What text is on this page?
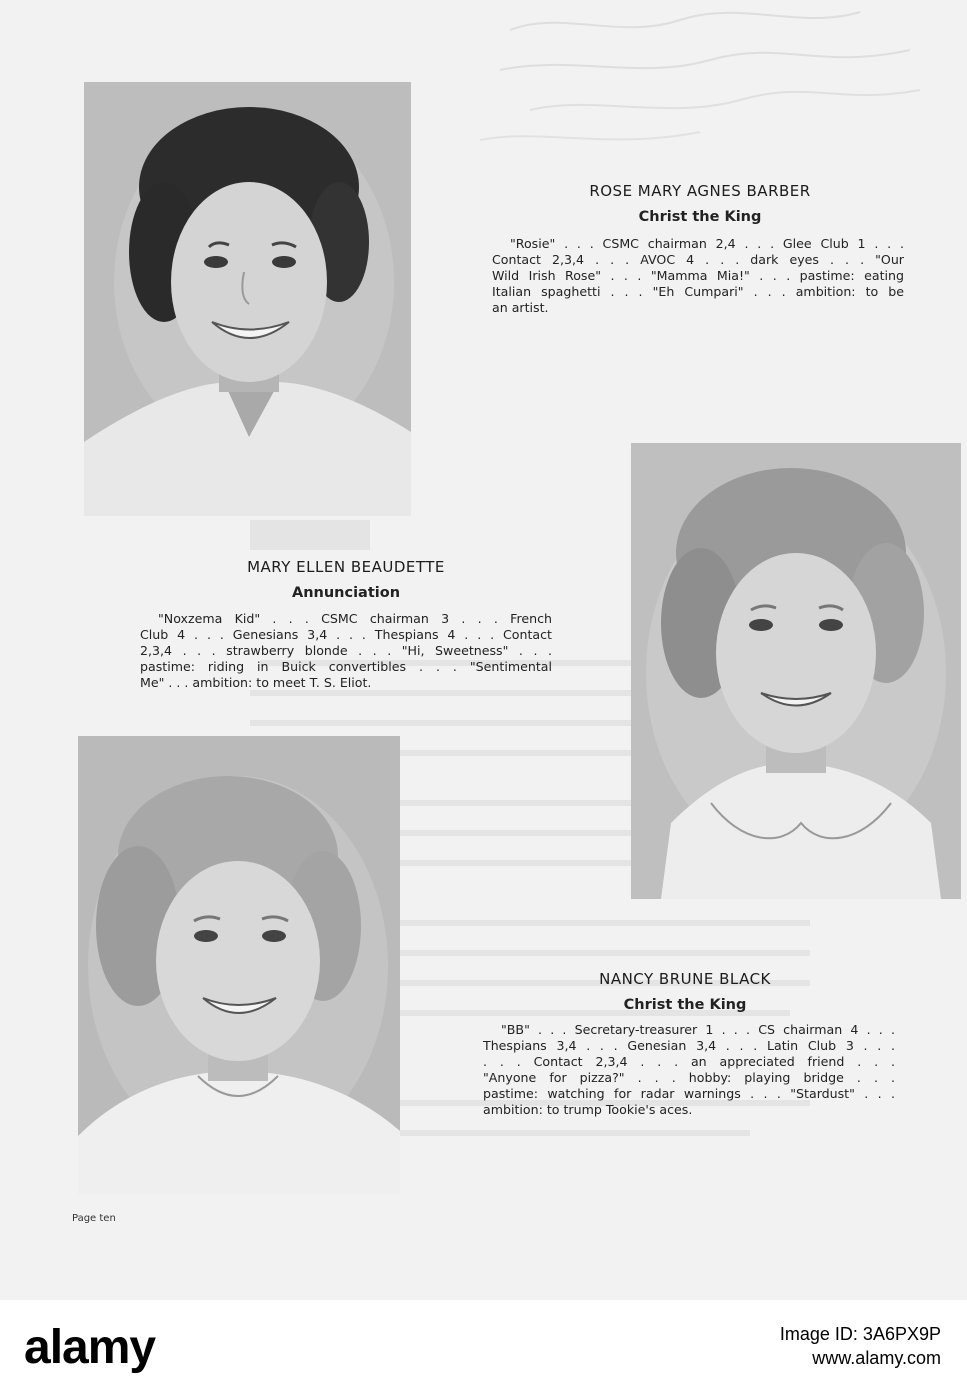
​
ROSE MARY AGNES BARBER
Christ the King
"Rosie" . . . CSMC chairman 2,4 . . . Glee Club 1 . . .
Contact 2,3,4 . . . AVOC 4 . . . dark eyes . . . "Our
Wild Irish Rose" . . . "Mamma Mia!" . . . pastime: eating
Italian spaghetti . . . "Eh Cumpari" . . . ambition: to be
an artist.
MARY ELLEN BEAUDETTE
Annunciation
"Noxzema Kid" . . . CSMC chairman 3 . . . French
Club 4 . . . Genesians 3,4 . . . Thespians 4 . . . Contact
2,3,4 . . . strawberry blonde . . . "Hi, Sweetness" . . .
pastime: riding in Buick convertibles . . . "Sentimental
Me" . . . ambition: to meet T. S. Eliot.
NANCY BRUNE BLACK
Christ the King
"BB" . . . Secretary-treasurer 1 . . . CS chairman 4 . . .
Thespians 3,4 . . . Genesian 3,4 . . . Latin Club 3 . . .
. . . Contact 2,3,4 . . . an appreciated friend . . .
"Anyone for pizza?" . . . hobby: playing bridge . . .
pastime: watching for radar warnings . . . "Stardust" . . .
ambition: to trump Tookie's aces.
Page ten
alamy	Image ID: 3A6PX9P
www.alamy.com
